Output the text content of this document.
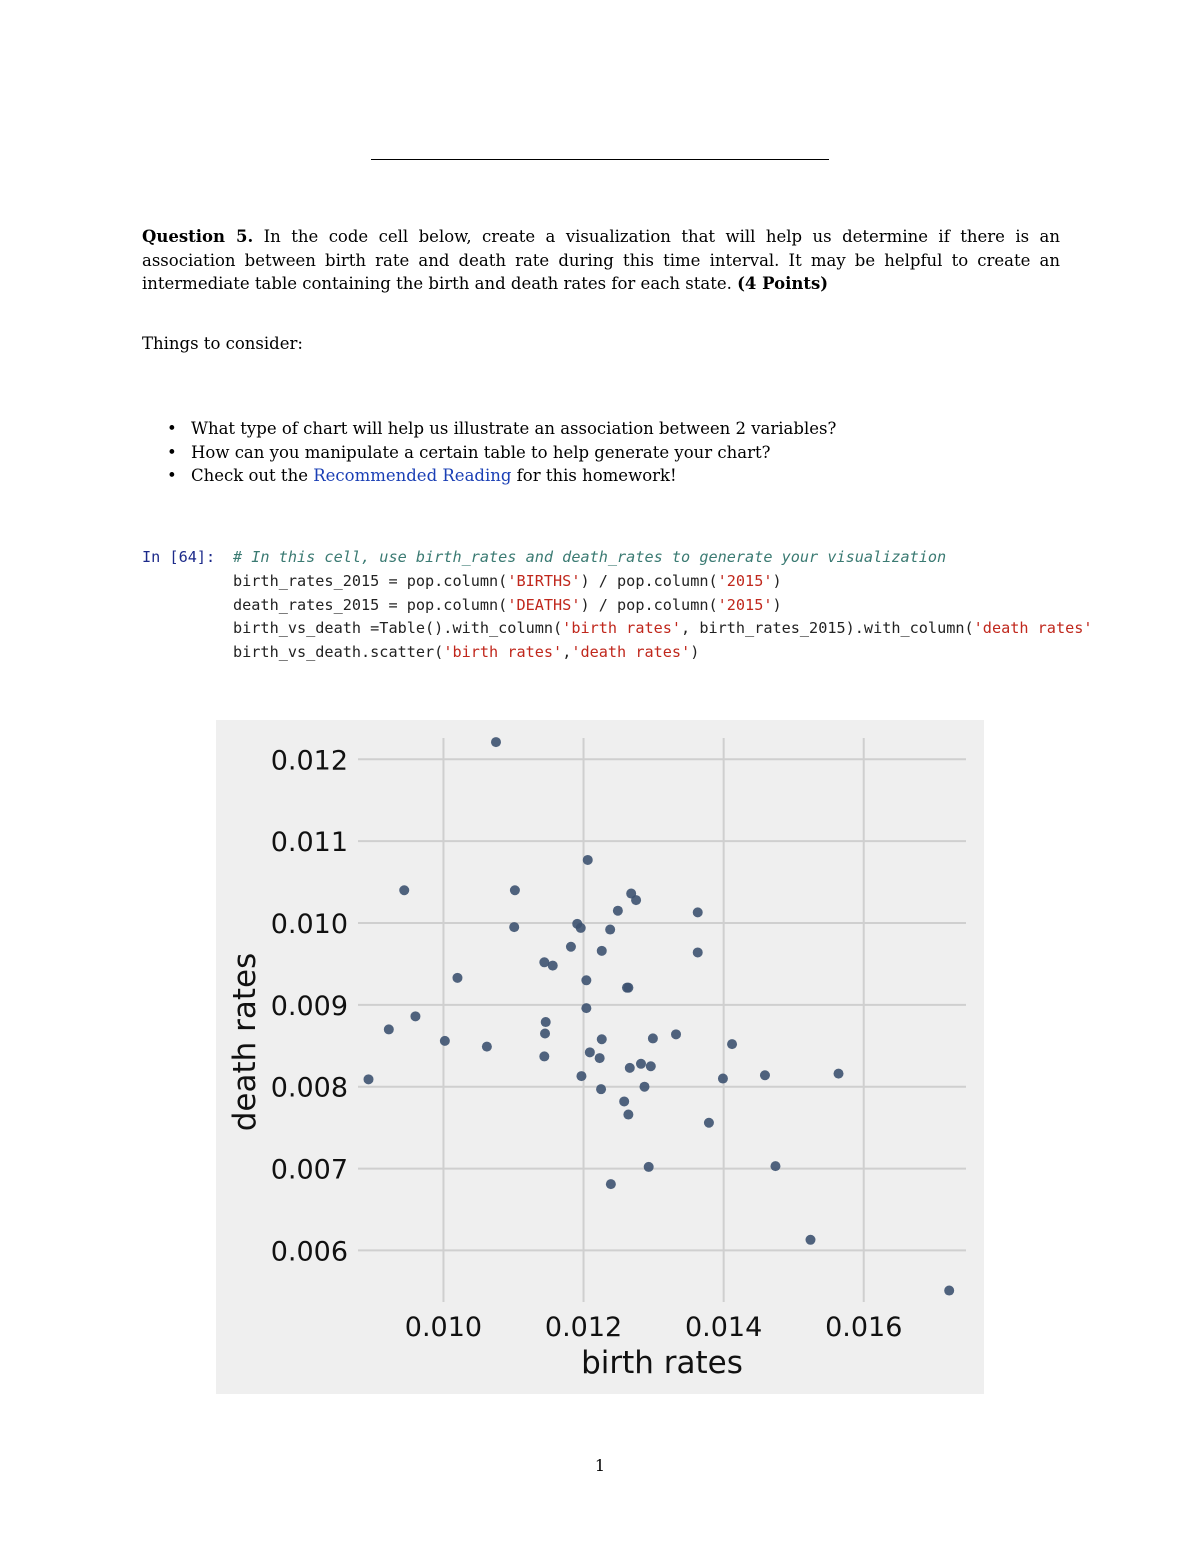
Question 5. In the code cell below, create a visualization that will help us determine if there is an association between birth rate and death rate during this time interval. It may be helpful to create an intermediate table containing the birth and death rates for each state. (4 Points)
Things to consider:
• What type of chart will help us illustrate an association between 2 variables?
• How can you manipulate a certain table to help generate your chart?
• Check out the Recommended Reading for this homework!
In [64]: # In this cell, use birth_rates and death_rates to generate your visualization
birth_rates_2015 = pop.column('BIRTHS') / pop.column('2015')
death_rates_2015 = pop.column('DEATHS') / pop.column('2015')
birth_vs_death =Table().with_column('birth rates', birth_rates_2015).with_column('death rates'
birth_vs_death.scatter('birth rates','death rates')
0.010 0.012 0.014 0.016
0.006
0.007
0.008
0.009
0.010
0.011
0.012
birth rates
death rates
1
